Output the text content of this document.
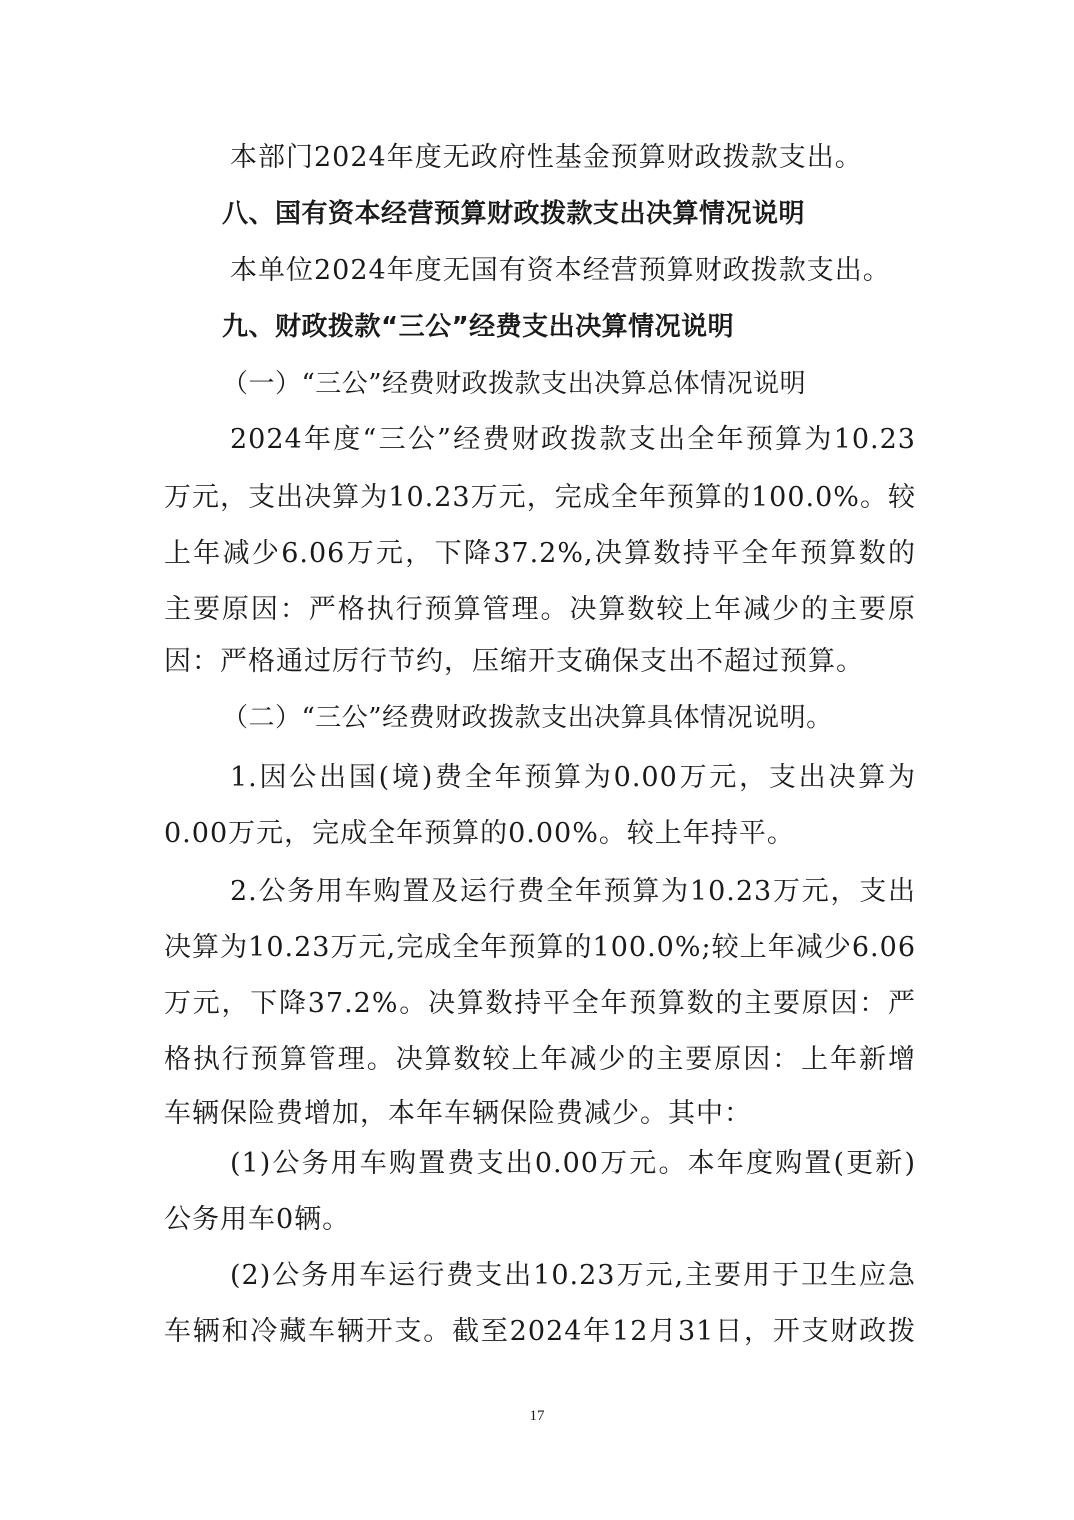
本部门2024年度无政府性基金预算财政拨款支出。

八、国有资本经营预算财政拨款支出决算情况说明

本单位2024年度无国有资本经营预算财政拨款支出。

九、财政拨款“三公”经费支出决算情况说明
（一）“三公”经费财政拨款支出决算总体情况说明

2024年度“三公”经费财政拨款支出全年预算为10.23

万元，支出决算为10.23万元，完成全年预算的100.0%。较

上年减少6.06万元，下降37.2%,决算数持平全年预算数的

主要原因：严格执行预算管理。决算数较上年减少的主要原

因：严格通过厉行节约，压缩开支确保支出不超过预算。

（二）“三公”经费财政拨款支出决算具体情况说明。

1.因公出国(境)费全年预算为0.00万元，支出决算为

0.00万元，完成全年预算的0.00%。较上年持平。

2.公务用车购置及运行费全年预算为10.23万元，支出

决算为10.23万元,完成全年预算的100.0%;较上年减少6.06

万元，下降37.2%。决算数持平全年预算数的主要原因：严

格执行预算管理。决算数较上年减少的主要原因：上年新增

车辆保险费增加，本年车辆保险费减少。其中：

(1)公务用车购置费支出0.00万元。本年度购置(更新)

公务用车0辆。

(2)公务用车运行费支出10.23万元,主要用于卫生应急

车辆和冷藏车辆开支。截至2024年12月31日，开支财政拨

17
